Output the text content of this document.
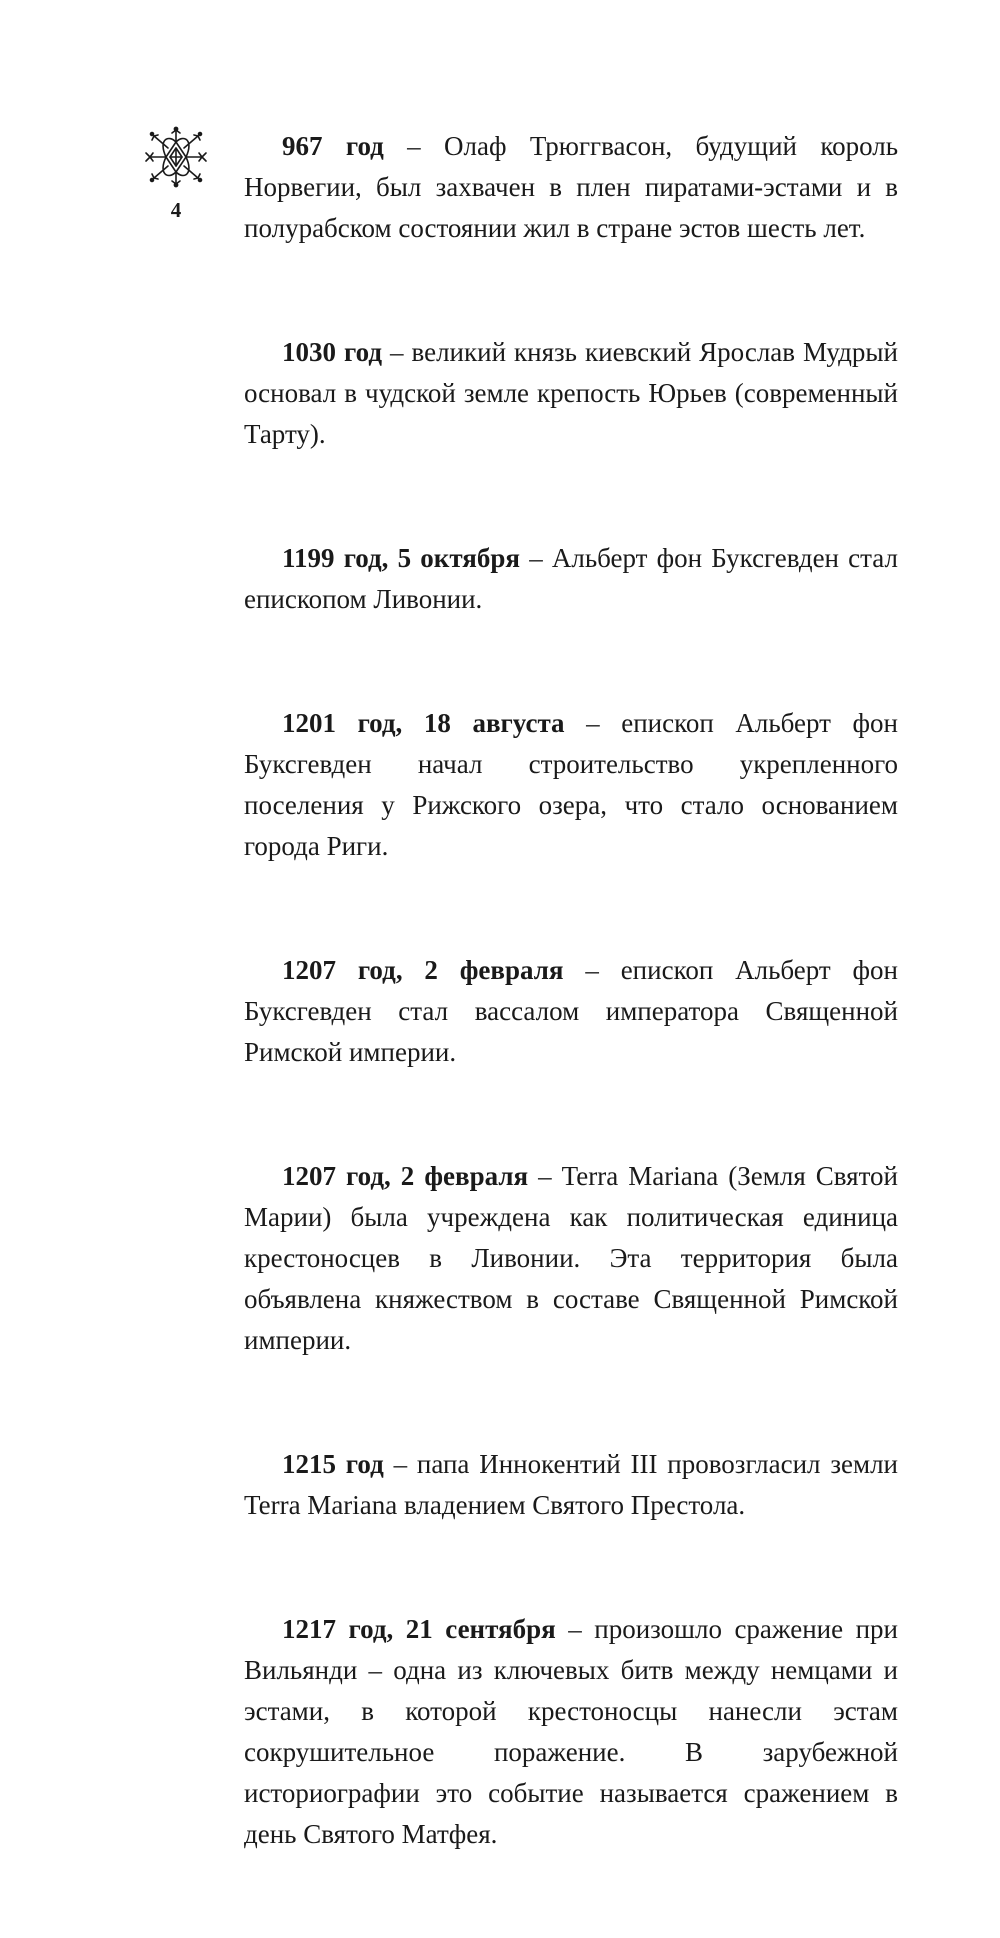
4

967 год – Олаф Трюггвасон, будущий король Норвегии, был захвачен в плен пиратами-эстами и в полурабском состоянии жил в стране эстов шесть лет.

1030 год – великий князь киевский Ярослав Мудрый основал в чудской земле крепость Юрьев (современный Тарту).

1199 год, 5 октября – Альберт фон Буксгевден стал епископом Ливонии.

1201 год, 18 августа – епископ Альберт фон Буксгевден начал строительство укрепленного поселения у Рижского озера, что стало основанием города Риги.

1207 год, 2 февраля – епископ Альберт фон Буксгевден стал вассалом императора Священной Римской империи.

1207 год, 2 февраля – Terra Mariana (Земля Святой Марии) была учреждена как политическая единица крестоносцев в Ливонии. Эта территория была объявлена княжеством в составе Священной Римской империи.

1215 год – папа Иннокентий III провозгласил земли Terra Mariana владением Святого Престола.

1217 год, 21 сентября – произошло сражение при Вильянди – одна из ключевых битв между немцами и эстами, в которой крестоносцы нанесли эстам сокрушительное поражение. В зарубежной историографии это событие называется сражением в день Святого Матфея.
